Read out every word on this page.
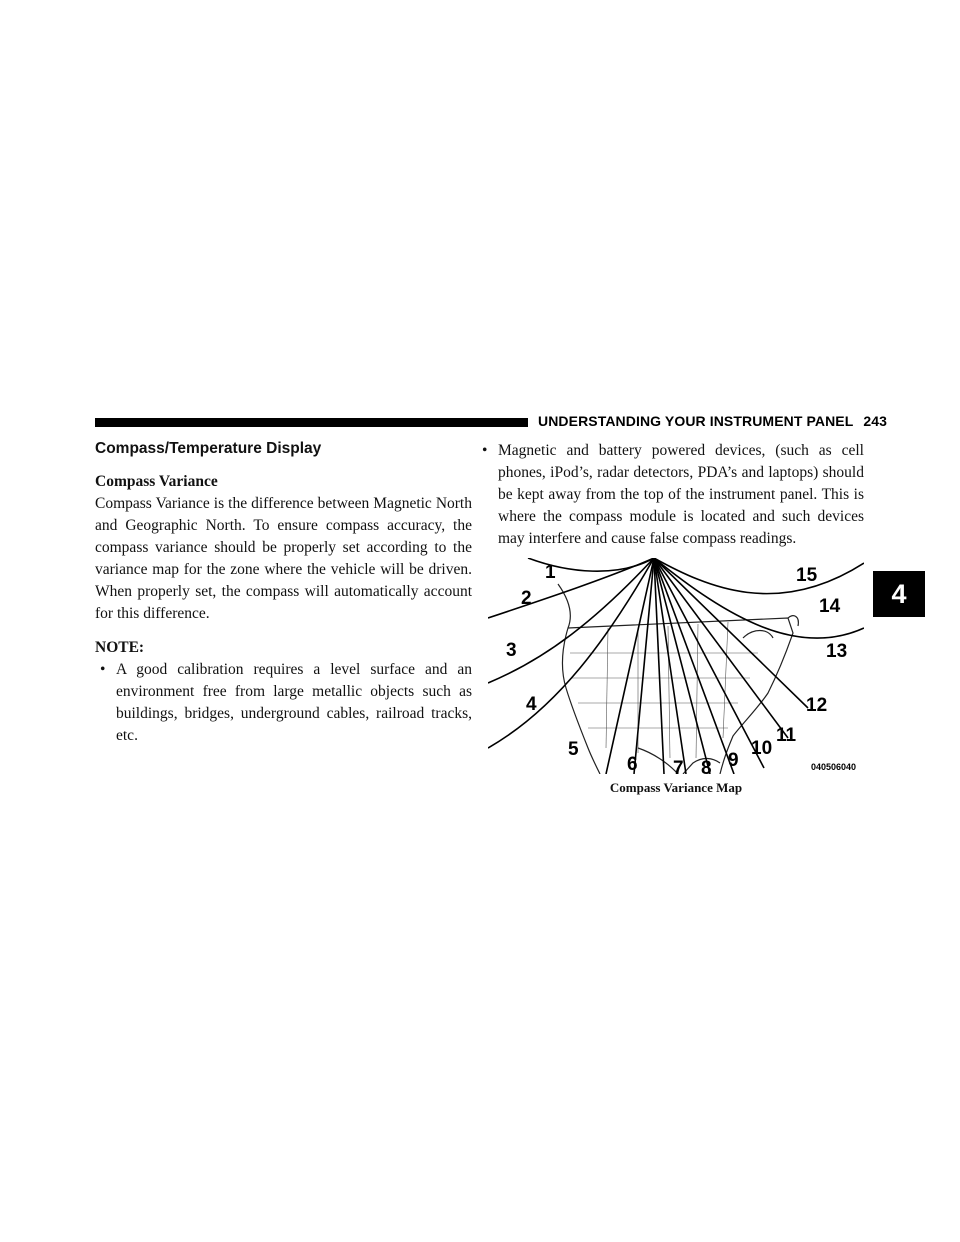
UNDERSTANDING YOUR INSTRUMENT PANEL 243
Compass/Temperature Display

Compass Variance

Compass Variance is the difference between Magnetic North and Geographic North. To ensure compass accuracy, the compass variance should be properly set according to the variance map for the zone where the vehicle will be driven. When properly set, the compass will automatically account for this difference.

NOTE:

• A good calibration requires a level surface and an environment free from large metallic objects such as buildings, bridges, underground cables, railroad tracks, etc.

• Magnetic and battery powered devices, (such as cell phones, iPod’s, radar detectors, PDA’s and laptops) should be kept away from the top of the instrument panel. This is where the compass module is located and such devices may interfere and cause false compass readings.

1
2
3
4
5
6 7 8 9
10
11
12
13
14
15
040506040
Compass Variance Map
4
